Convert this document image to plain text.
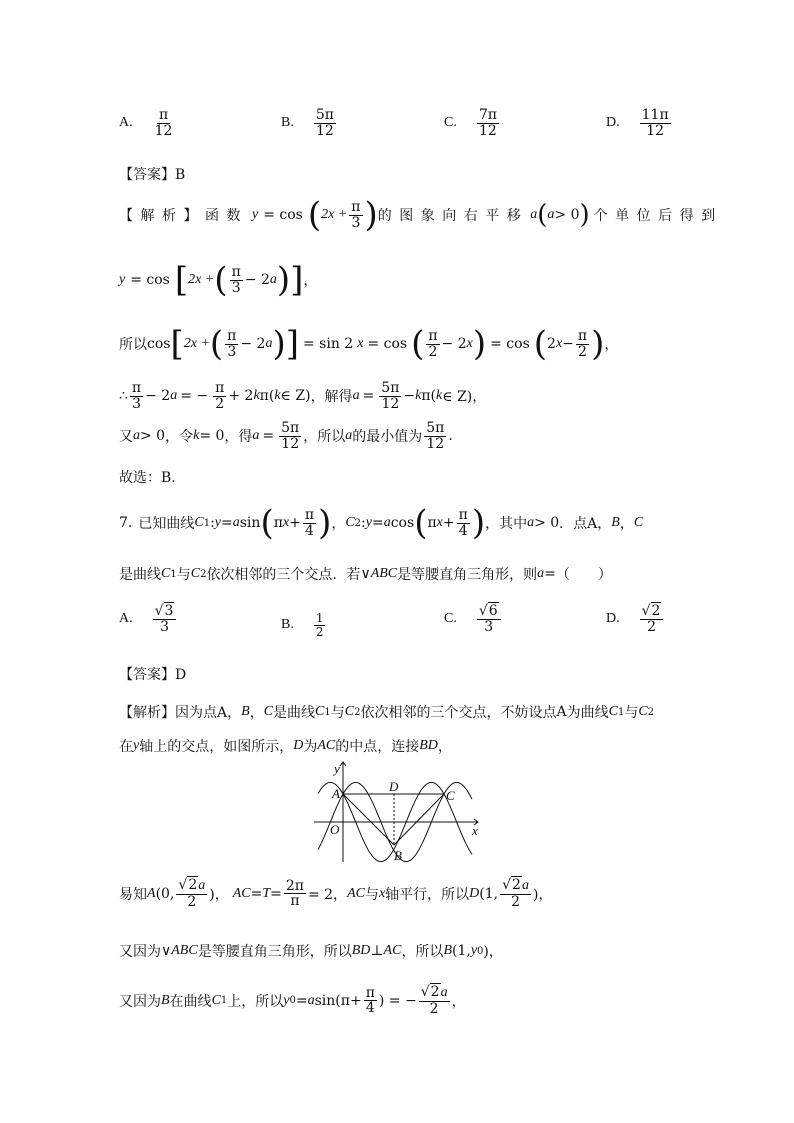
A. $\frac{\pi}{12}$	B. $\frac{5\pi}{12}$	C. $\frac{7\pi}{12}$	D. $\frac{11\pi}{12}$
【答案】B
【解析】函数 y = cos ( $2x + \frac{\pi}{3}$ ) 的图象向右平移 a ( a > 0 ) 个单位后得到
y = cos [ 2x + ( $\frac{\pi}{3} - 2$ a ) ] ，
所以 cos [ 2x + ( $\frac{\pi}{3} - 2$ a ) ] = sin 2 x = cos ( $\frac{\pi}{2} - 2$ x ) = cos ( 2 $x - \frac{\pi}{2}$ ) ，
∴ $\frac{\pi}{3} - 2$ a = − $\frac{\pi}{2} + 2$ k π( k ∈ Z) ，解得 $a = \frac{5\pi}{12} - k$ π( k ∈ Z)，
又 a > 0 ，令 k = 0 ，得 $a = \frac{5\pi}{12}$ ，所以 a 的最小值为 $\frac{5\pi}{12}$ .
故选：B.
7. 已知曲线 C 1 : y = a sin ( π $x + \frac{\pi}{4}$ ) ， C 2 : y = a cos ( π $x + \frac{\pi}{4}$ ) ，其中 a > 0 ．点 A， B ， C
是曲线 C 1 与 C 2 依次相邻的三个交点．若 ∨ ABC 是等腰直角三角形，则 a = （　　）
A. $\frac{√3}{3}$	B. $\frac{1}{2}$	C. $\frac{√6}{3}$	D. $\frac{√2}{2}$
【答案】D
【解析】因为点 A， B ， C 是曲线 C 1 与 C 2 依次相邻的三个交点，不妨设点 A 为曲线 C 1 与 C 2
在 y 轴上的交点，如图所示， D 为 AC 的中点，连接 BD ，
y
x
O
A
B
C
D
易知 A (0, $\frac{√2a}{2}$ )， AC = $T = \frac{2\pi}{\pi} = 2$， AC 与 x 轴平行，所以 D (1, $\frac{√2a}{2}$ )，
又因为 ∨ ABC 是等腰直角三角形，所以 BD ⊥ AC ，所以 B (1, y 0 )，
又因为 B 在曲线 C 1 上，所以 y 0 = a $\sin(\pi+ \frac{\pi}{4}$ ) = − $\frac{√2a}{2}$ ，
